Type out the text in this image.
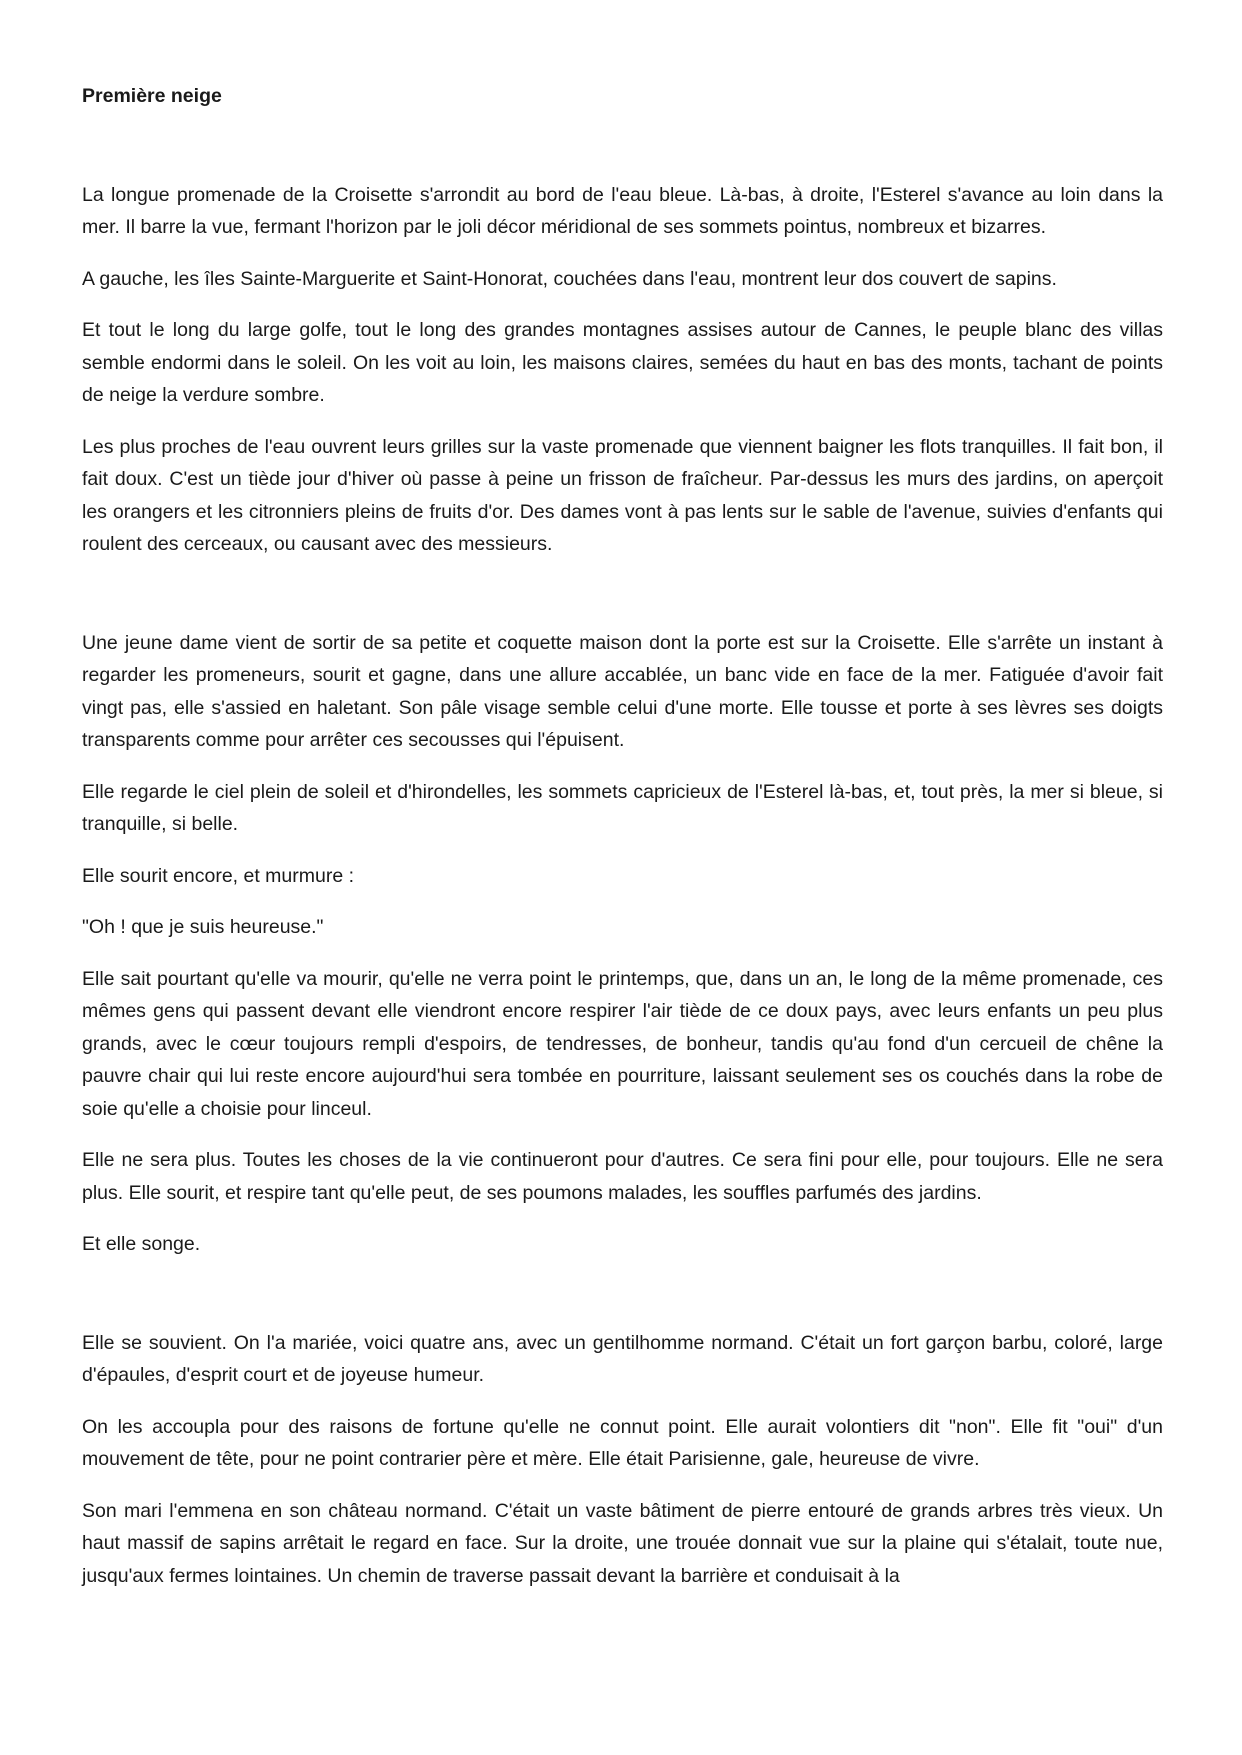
Première neige

La longue promenade de la Croisette s'arrondit au bord de l'eau bleue. Là-bas, à droite, l'Esterel s'avance au loin dans la mer. Il barre la vue, fermant l'horizon par le joli décor méridional de ses sommets pointus, nombreux et bizarres.

A gauche, les îles Sainte-Marguerite et Saint-Honorat, couchées dans l'eau, montrent leur dos couvert de sapins.

Et tout le long du large golfe, tout le long des grandes montagnes assises autour de Cannes, le peuple blanc des villas semble endormi dans le soleil. On les voit au loin, les maisons claires, semées du haut en bas des monts, tachant de points de neige la verdure sombre.

Les plus proches de l'eau ouvrent leurs grilles sur la vaste promenade que viennent baigner les flots tranquilles. Il fait bon, il fait doux. C'est un tiède jour d'hiver où passe à peine un frisson de fraîcheur. Par-dessus les murs des jardins, on aperçoit les orangers et les citronniers pleins de fruits d'or. Des dames vont à pas lents sur le sable de l'avenue, suivies d'enfants qui roulent des cerceaux, ou causant avec des messieurs.

Une jeune dame vient de sortir de sa petite et coquette maison dont la porte est sur la Croisette. Elle s'arrête un instant à regarder les promeneurs, sourit et gagne, dans une allure accablée, un banc vide en face de la mer. Fatiguée d'avoir fait vingt pas, elle s'assied en haletant. Son pâle visage semble celui d'une morte. Elle tousse et porte à ses lèvres ses doigts transparents comme pour arrêter ces secousses qui l'épuisent.

Elle regarde le ciel plein de soleil et d'hirondelles, les sommets capricieux de l'Esterel là-bas, et, tout près, la mer si bleue, si tranquille, si belle.

Elle sourit encore, et murmure :

"Oh ! que je suis heureuse."

Elle sait pourtant qu'elle va mourir, qu'elle ne verra point le printemps, que, dans un an, le long de la même promenade, ces mêmes gens qui passent devant elle viendront encore respirer l'air tiède de ce doux pays, avec leurs enfants un peu plus grands, avec le cœur toujours rempli d'espoirs, de tendresses, de bonheur, tandis qu'au fond d'un cercueil de chêne la pauvre chair qui lui reste encore aujourd'hui sera tombée en pourriture, laissant seulement ses os couchés dans la robe de soie qu'elle a choisie pour linceul.

Elle ne sera plus. Toutes les choses de la vie continueront pour d'autres. Ce sera fini pour elle, pour toujours. Elle ne sera plus. Elle sourit, et respire tant qu'elle peut, de ses poumons malades, les souffles parfumés des jardins.

Et elle songe.

Elle se souvient. On l'a mariée, voici quatre ans, avec un gentilhomme normand. C'était un fort garçon barbu, coloré, large d'épaules, d'esprit court et de joyeuse humeur.

On les accoupla pour des raisons de fortune qu'elle ne connut point. Elle aurait volontiers dit "non". Elle fit "oui" d'un mouvement de tête, pour ne point contrarier père et mère. Elle était Parisienne, gale, heureuse de vivre.

Son mari l'emmena en son château normand. C'était un vaste bâtiment de pierre entouré de grands arbres très vieux. Un haut massif de sapins arrêtait le regard en face. Sur la droite, une trouée donnait vue sur la plaine qui s'étalait, toute nue, jusqu'aux fermes lointaines. Un chemin de traverse passait devant la barrière et conduisait à la
